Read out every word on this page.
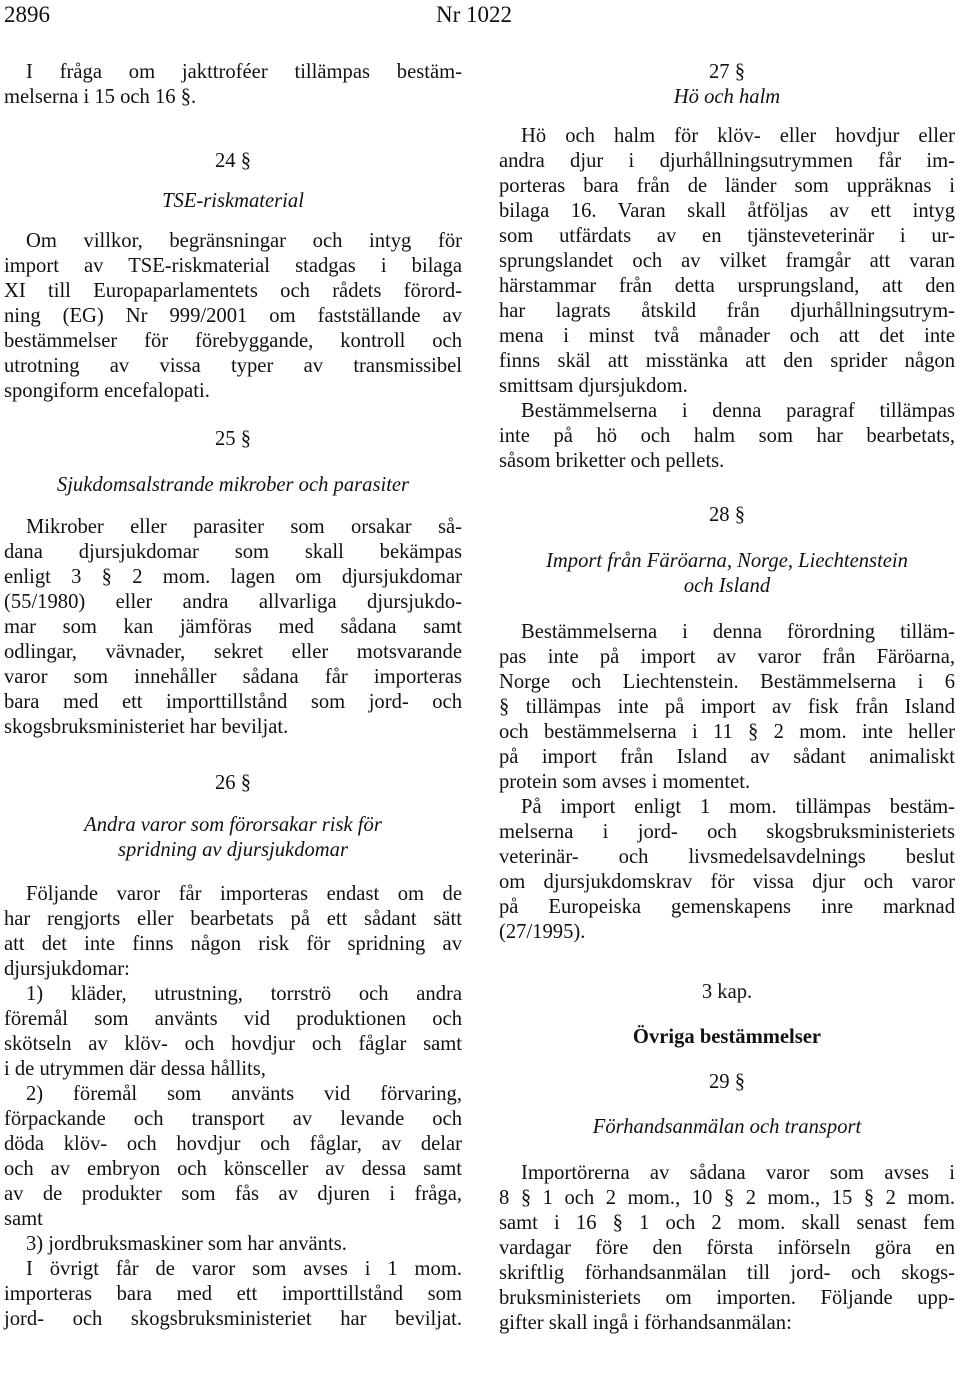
2896	Nr 1022
I fråga om jakttroféer tillämpas bestäm-
melserna i 15 och 16 §.
24 §
TSE-riskmaterial
Om villkor, begränsningar och intyg för
import av TSE-riskmaterial stadgas i bilaga
XI till Europaparlamentets och rådets förord-
ning (EG) Nr 999/2001 om fastställande av
bestämmelser för förebyggande, kontroll och
utrotning av vissa typer av transmissibel
spongiform encefalopati.
25 §
Sjukdomsalstrande mikrober och parasiter
Mikrober eller parasiter som orsakar så-
dana djursjukdomar som skall bekämpas
enligt 3 § 2 mom. lagen om djursjukdomar
(55/1980) eller andra allvarliga djursjukdo-
mar som kan jämföras med sådana samt
odlingar, vävnader, sekret eller motsvarande
varor som innehåller sådana får importeras
bara med ett importtillstånd som jord- och
skogsbruksministeriet har beviljat.
26 §
Andra varor som förorsakar risk för
spridning av djursjukdomar
Följande varor får importeras endast om de
har rengjorts eller bearbetats på ett sådant sätt
att det inte finns någon risk för spridning av
djursjukdomar:
1) kläder, utrustning, torrströ och andra
föremål som använts vid produktionen och
skötseln av klöv- och hovdjur och fåglar samt
i de utrymmen där dessa hållits,
2) föremål som använts vid förvaring,
förpackande och transport av levande och
döda klöv- och hovdjur och fåglar, av delar
och av embryon och könsceller av dessa samt
av de produkter som fås av djuren i fråga,
samt
3) jordbruksmaskiner som har använts.
I övrigt får de varor som avses i 1 mom.
importeras bara med ett importtillstånd som
jord- och skogsbruksministeriet har beviljat.
27 §
Hö och halm
Hö och halm för klöv- eller hovdjur eller
andra djur i djurhållningsutrymmen får im-
porteras bara från de länder som uppräknas i
bilaga 16. Varan skall åtföljas av ett intyg
som utfärdats av en tjänsteveterinär i ur-
sprungslandet och av vilket framgår att varan
härstammar från detta ursprungsland, att den
har lagrats åtskild från djurhållningsutrym-
mena i minst två månader och att det inte
finns skäl att misstänka att den sprider någon
smittsam djursjukdom.
Bestämmelserna i denna paragraf tillämpas
inte på hö och halm som har bearbetats,
såsom briketter och pellets.
28 §
Import från Färöarna, Norge, Liechtenstein
och Island
Bestämmelserna i denna förordning tilläm-
pas inte på import av varor från Färöarna,
Norge och Liechtenstein. Bestämmelserna i 6
§ tillämpas inte på import av fisk från Island
och bestämmelserna i 11 § 2 mom. inte heller
på import från Island av sådant animaliskt
protein som avses i momentet.
På import enligt 1 mom. tillämpas bestäm-
melserna i jord- och skogsbruksministeriets
veterinär- och livsmedelsavdelnings beslut
om djursjukdomskrav för vissa djur och varor
på Europeiska gemenskapens inre marknad
(27/1995).
3 kap.
Övriga bestämmelser
29 §
Förhandsanmälan och transport
Importörerna av sådana varor som avses i
8 § 1 och 2 mom., 10 § 2 mom., 15 § 2 mom.
samt i 16 § 1 och 2 mom. skall senast fem
vardagar före den första införseln göra en
skriftlig förhandsanmälan till jord- och skogs-
bruksministeriets om importen. Följande upp-
gifter skall ingå i förhandsanmälan:
